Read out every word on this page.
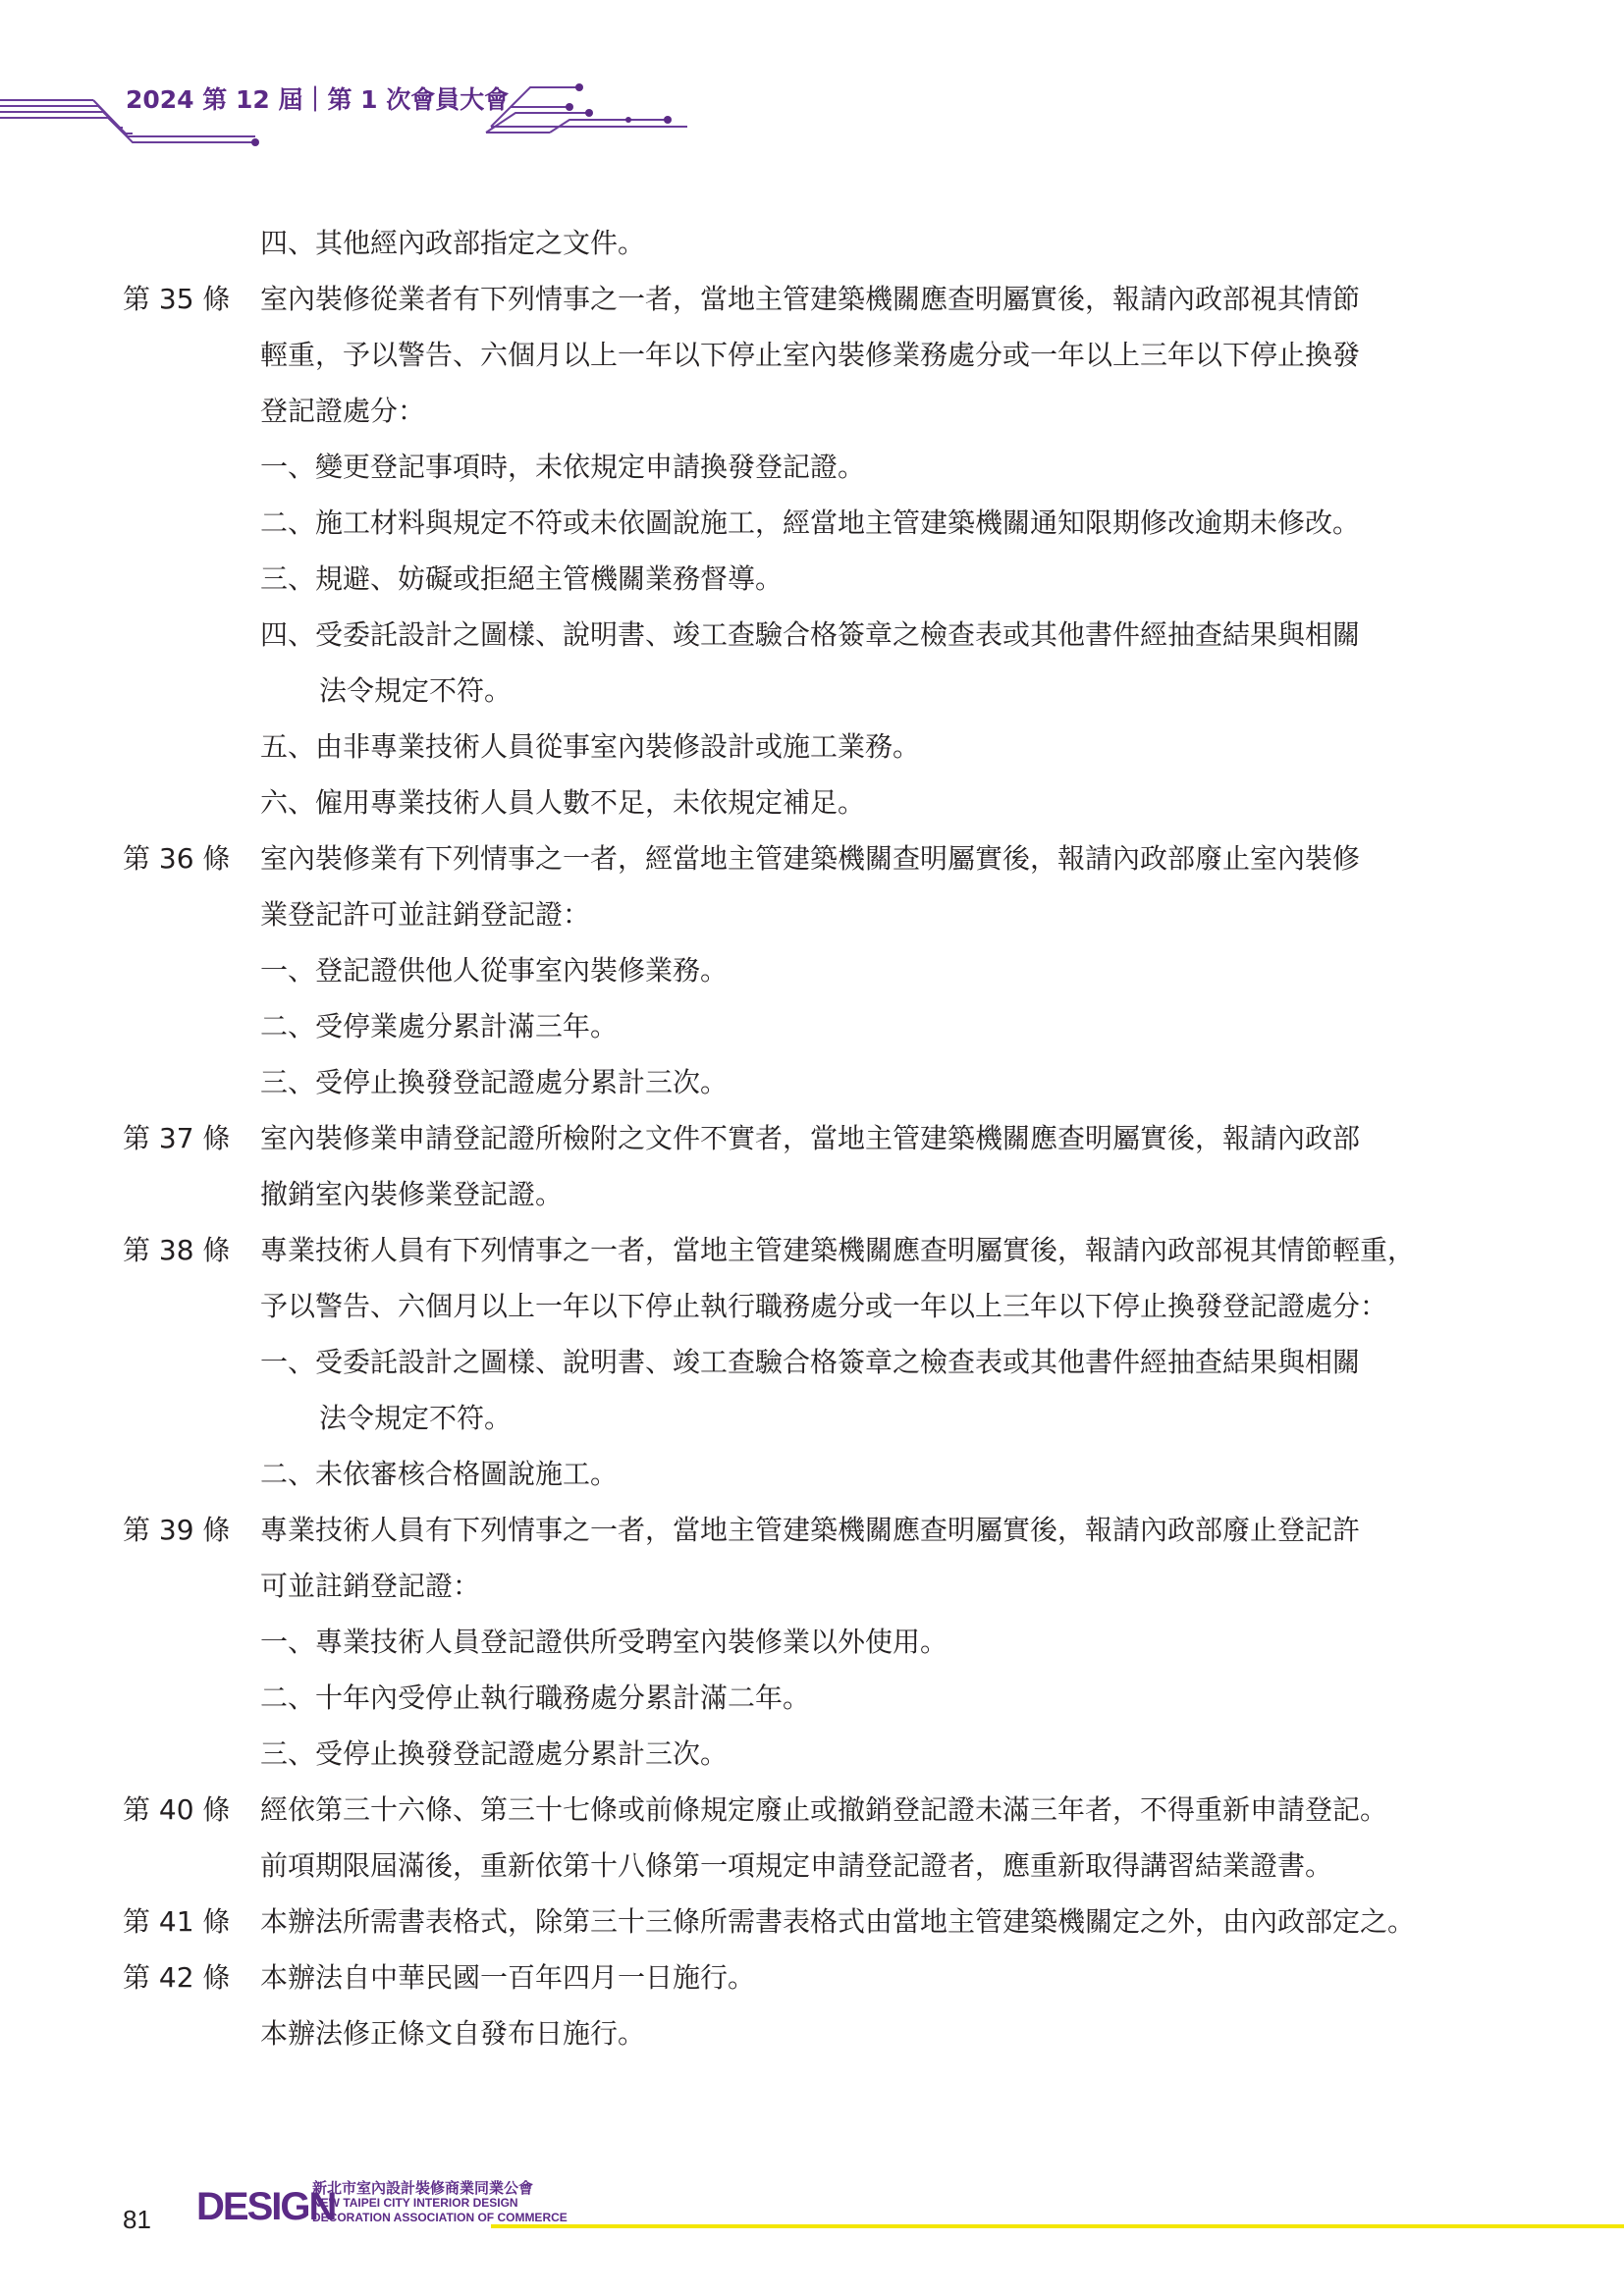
2024 第 12 屆｜第 1 次會員大會
四、其他經內政部指定之文件。
第 35 條 室內裝修從業者有下列情事之一者，當地主管建築機關應查明屬實後，報請內政部視其情節
輕重，予以警告、六個月以上一年以下停止室內裝修業務處分或一年以上三年以下停止換發
登記證處分：
一、變更登記事項時，未依規定申請換發登記證。
二、施工材料與規定不符或未依圖說施工，經當地主管建築機關通知限期修改逾期未修改。
三、規避、妨礙或拒絕主管機關業務督導。
四、受委託設計之圖樣、說明書、竣工查驗合格簽章之檢查表或其他書件經抽查結果與相關
法令規定不符。
五、由非專業技術人員從事室內裝修設計或施工業務。
六、僱用專業技術人員人數不足，未依規定補足。
第 36 條 室內裝修業有下列情事之一者，經當地主管建築機關查明屬實後，報請內政部廢止室內裝修
業登記許可並註銷登記證：
一、登記證供他人從事室內裝修業務。
二、受停業處分累計滿三年。
三、受停止換發登記證處分累計三次。
第 37 條 室內裝修業申請登記證所檢附之文件不實者，當地主管建築機關應查明屬實後，報請內政部
撤銷室內裝修業登記證。
第 38 條 專業技術人員有下列情事之一者，當地主管建築機關應查明屬實後，報請內政部視其情節輕重，
予以警告、六個月以上一年以下停止執行職務處分或一年以上三年以下停止換發登記證處分：
一、受委託設計之圖樣、說明書、竣工查驗合格簽章之檢查表或其他書件經抽查結果與相關
法令規定不符。
二、未依審核合格圖說施工。
第 39 條 專業技術人員有下列情事之一者，當地主管建築機關應查明屬實後，報請內政部廢止登記許
可並註銷登記證：
一、專業技術人員登記證供所受聘室內裝修業以外使用。
二、十年內受停止執行職務處分累計滿二年。
三、受停止換發登記證處分累計三次。
第 40 條 經依第三十六條、第三十七條或前條規定廢止或撤銷登記證未滿三年者，不得重新申請登記。
前項期限屆滿後，重新依第十八條第一項規定申請登記證者，應重新取得講習結業證書。
第 41 條 本辦法所需書表格式，除第三十三條所需書表格式由當地主管建築機關定之外，由內政部定之。
第 42 條 本辦法自中華民國一百年四月一日施行。
本辦法修正條文自發布日施行。
81 DESIGN
新北市室內設計裝修商業同業公會
NEW TAIPEI CITY INTERIOR DESIGN
DECORATION ASSOCIATION OF COMMERCE
